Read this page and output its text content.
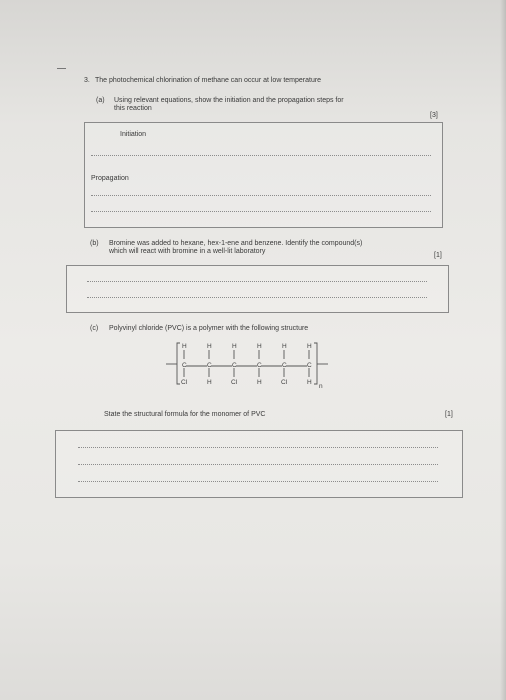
3. The photochemical chlorination of methane can occur at low temperature
(a) Using relevant equations, show the initiation and the propagation steps for
this reaction
[3]
Initiation
Propagation
(b) Bromine was added to hexane, hex-1-ene and benzene. Identify the compound(s)
which will react with bromine in a well-lit laboratory
[1]
(c) Polyvinyl chloride (PVC) is a polymer with the following structure
H	H	H	H	H	H
C	C	C	C	C	C
Cl	H	Cl	H	Cl	H
n
State the structural formula for the monomer of PVC	[1]
